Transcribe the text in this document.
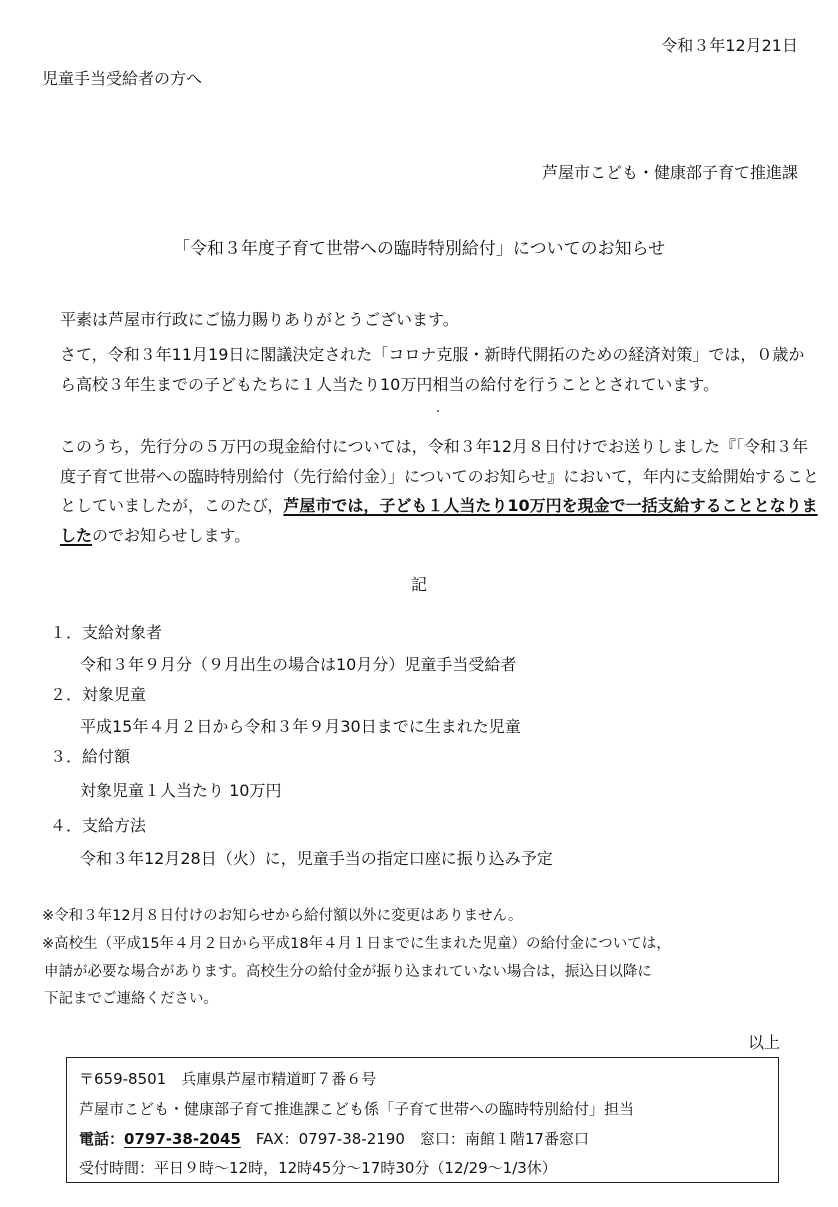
令和３年12月21日
児童手当受給者の方へ
芦屋市こども・健康部子育て推進課
「令和３年度子育て世帯への臨時特別給付」についてのお知らせ
平素は芦屋市行政にご協力賜りありがとうございます。
さて，令和３年11月19日に閣議決定された「コロナ克服・新時代開拓のための経済対策」では，０歳から高校３年生までの子どもたちに１人当たり10万円相当の給付を行うこととされています。
このうち，先行分の５万円の現金給付については，令和３年12月８日付けでお送りしました『「令和３年度子育て世帯への臨時特別給付（先行給付金）」についてのお知らせ』において，年内に支給開始することとしていましたが，このたび，芦屋市では，子ども１人当たり10万円を現金で一括支給することとなりましたのでお知らせします。
記
１．支給対象者
令和３年９月分（９月出生の場合は10月分）児童手当受給者
２．対象児童
平成15年４月２日から令和３年９月30日までに生まれた児童
３．給付額
対象児童１人当たり 10万円
４．支給方法
令和３年12月28日（火）に，児童手当の指定口座に振り込み予定
※令和３年12月８日付けのお知らせから給付額以外に変更はありません。
※高校生（平成15年４月２日から平成18年４月１日までに生まれた児童）の給付金については，
申請が必要な場合があります。高校生分の給付金が振り込まれていない場合は，振込日以降に
下記までご連絡ください。
以上
〒659-8501　兵庫県芦屋市精道町７番６号
芦屋市こども・健康部子育て推進課こども係「子育て世帯への臨時特別給付」担当
電話：0797-38-2045　FAX：0797-38-2190　窓口：南館１階17番窓口
受付時間：平日９時～12時，12時45分～17時30分（12/29～1/3休）
